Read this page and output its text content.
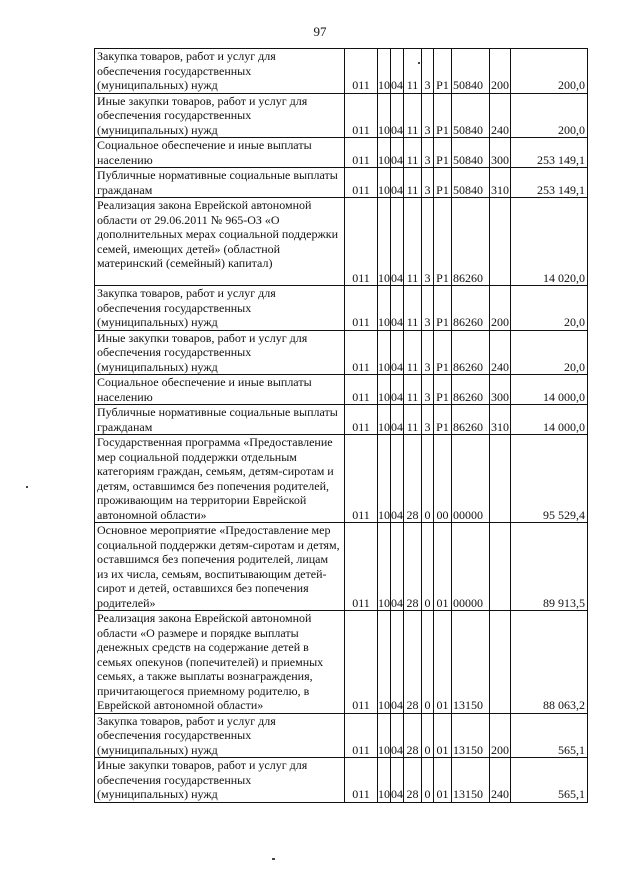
97
Закупка товаров, работ и услуг для обеспечения государственных (муниципальных) нужд	011	10	04	11	3	Р1	50840	200	200,0
Иные закупки товаров, работ и услуг для обеспечения государственных (муниципальных) нужд	011	10	04	11	3	Р1	50840	240	200,0
Социальное обеспечение и иные выплаты населению	011	10	04	11	3	Р1	50840	300	253 149,1
Публичные нормативные социальные выплаты гражданам	011	10	04	11	3	Р1	50840	310	253 149,1
Реализация закона Еврейской автономной области от 29.06.2011 № 965-ОЗ «О дополнительных мерах социальной поддержки семей, имеющих детей» (областной материнский (семейный) капитал)	011	10	04	11	3	Р1	86260		14 020,0
Закупка товаров, работ и услуг для обеспечения государственных (муниципальных) нужд	011	10	04	11	3	Р1	86260	200	20,0
Иные закупки товаров, работ и услуг для обеспечения государственных (муниципальных) нужд	011	10	04	11	3	Р1	86260	240	20,0
Социальное обеспечение и иные выплаты населению	011	10	04	11	3	Р1	86260	300	14 000,0
Публичные нормативные социальные выплаты гражданам	011	10	04	11	3	Р1	86260	310	14 000,0
Государственная программа «Предоставление мер социальной поддержки отдельным категориям граждан, семьям, детям-сиротам и детям, оставшимся без попечения родителей, проживающим на территории Еврейской автономной области»	011	10	04	28	0	00	00000		95 529,4
Основное мероприятие «Предоставление мер социальной поддержки детям-сиротам и детям, оставшимся без попечения родителей, лицам из их числа, семьям, воспитывающим детей-сирот и детей, оставшихся без попечения родителей»	011	10	04	28	0	01	00000		89 913,5
Реализация закона Еврейской автономной области «О размере и порядке выплаты денежных средств на содержание детей в семьях опекунов (попечителей) и приемных семьях, а также выплаты вознаграждения, причитающегося приемному родителю, в Еврейской автономной области»	011	10	04	28	0	01	13150		88 063,2
Закупка товаров, работ и услуг для обеспечения государственных (муниципальных) нужд	011	10	04	28	0	01	13150	200	565,1
Иные закупки товаров, работ и услуг для обеспечения государственных (муниципальных) нужд	011	10	04	28	0	01	13150	240	565,1
